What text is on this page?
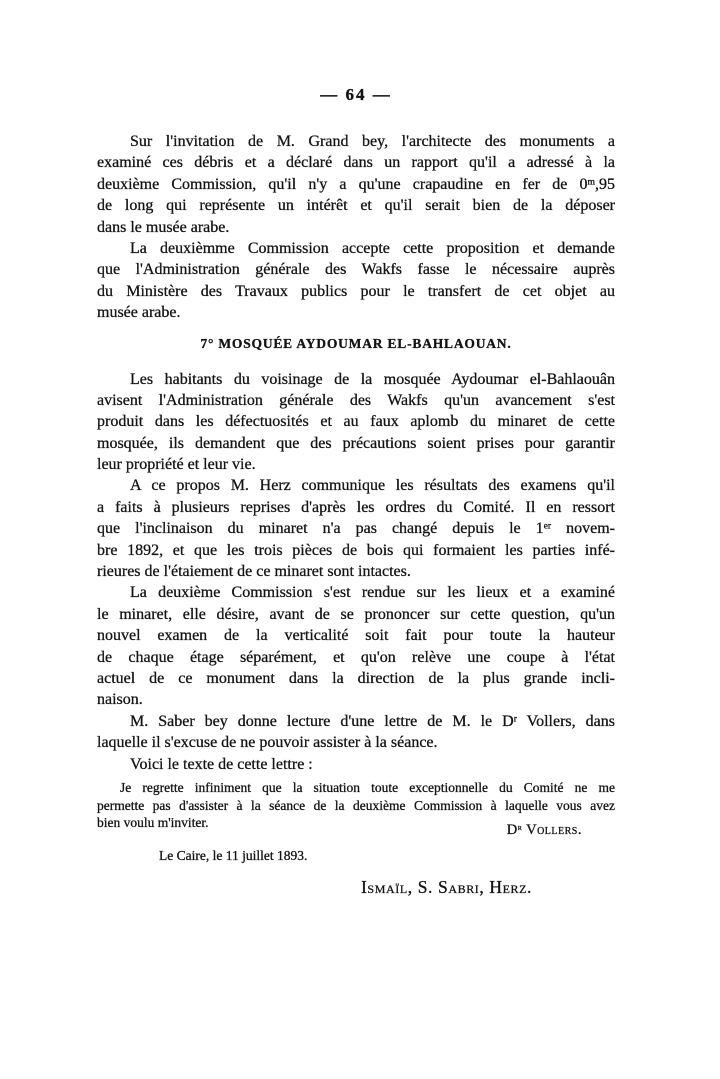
— 64 —
Sur l'invitation de M. Grand bey, l'architecte des monuments a
examiné ces débris et a déclaré dans un rapport qu'il a adressé à la
deuxième Commission, qu'il n'y a qu'une crapaudine en fer de 0$^m$,95
de long qui représente un intérêt et qu'il serait bien de la déposer
dans le musée arabe.
La deuxièmme Commission accepte cette proposition et demande
que l'Administration générale des Wakfs fasse le nécessaire auprès
du Ministère des Travaux publics pour le transfert de cet objet au
musée arabe.
7° MOSQUÉE AYDOUMAR EL-BAHLAOUAN.
Les habitants du voisinage de la mosquée Aydoumar el-Bahlaouân
avisent l'Administration générale des Wakfs qu'un avancement s'est
produit dans les défectuosités et au faux aplomb du minaret de cette
mosquée, ils demandent que des précautions soient prises pour garantir
leur propriété et leur vie.
A ce propos M. Herz communique les résultats des examens qu'il
a faits à plusieurs reprises d'après les ordres du Comité. Il en ressort
que l'inclinaison du minaret n'a pas changé depuis le 1er novem-
bre 1892, et que les trois pièces de bois qui formaient les parties infé-
rieures de l'étaiement de ce minaret sont intactes.
La deuxième Commission s'est rendue sur les lieux et a examiné
le minaret, elle désire, avant de se prononcer sur cette question, qu'un
nouvel examen de la verticalité soit fait pour toute la hauteur
de chaque étage séparément, et qu'on relève une coupe à l'état
actuel de ce monument dans la direction de la plus grande incli-
naison.
M. Saber bey donne lecture d'une lettre de M. le $D^r$ Vollers, dans
laquelle il s'excuse de ne pouvoir assister à la séance.
Voici le texte de cette lettre :
Je regrette infiniment que la situation toute exceptionnelle du Comité ne me
permette pas d'assister à la séance de la deuxième Commission à laquelle vous avez
bien voulu m'inviter.	$D^r$ Vollers.
Le Caire, le 11 juillet 1893.
Ismaïl, S. Sabri, Herz.
